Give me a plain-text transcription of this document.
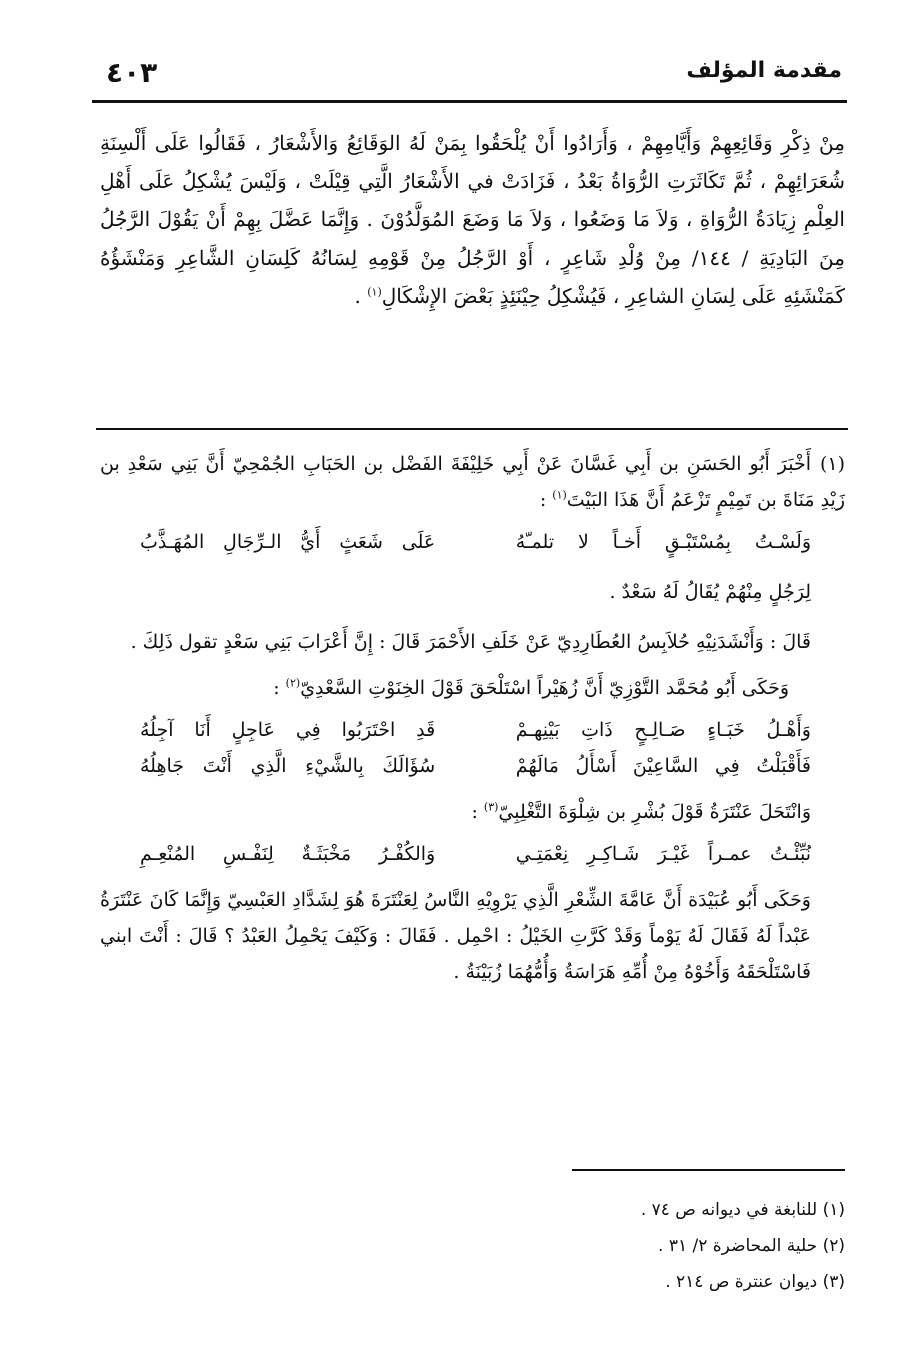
٤٠٣	مقدمة المؤلف

مِنْ ذِكْرِ وَقَائِعِهِمْ وَأَيَّامِهِمْ ، وَأَرَادُوا أَنْ يُلْحَقُوا بِمَنْ لَهُ الوَقَائِعُ وَالأَشْعَارُ ، فَقَالُوا عَلَى أَلْسِنَةِ شُعَرَائِهِمْ ، ثُمَّ تَكَاثَرَتِ الرُّوَاةُ بَعْدُ ، فَزَادَتْ في الأَشْعَارُ الَّتِي قِيْلَتْ ، وَلَيْسَ يُشْكِلُ عَلَى أَهْلِ العِلْمِ زِيَادَةُ الرُّوَاةِ ، وَلاَ مَا وَضَعُوا ، وَلاَ مَا وَضَعَ المُوَلَّدُوْنَ . وَإِنَّمَا عَضَّلَ بِهِمْ أَنْ يَقُوْلَ الرَّجُلُ مِنَ البَادِيَةِ / ١٤٤/ مِنْ وُلْدِ شَاعِرٍ ، أَوْ الرَّجُلُ مِنْ قَوْمِهِ لِسَانُهُ كَلِسَانِ الشَّاعِرِ وَمَنْشَؤُهُ كَمَنْشَئِهِ عَلَى لِسَانِ الشاعِرِ ، فَيُشْكِلُ حِيْنَئِذٍ بَعْضَ الإِشْكَالِ$^{(١)}$ .

(١)أَخْبَرَ أَبُو الحَسَنِ بن أَبِي غَسَّانَ عَنْ أَبِي خَلِيْفَةَ الفَضْل بن الحَبَابِ الجُمْحِيّ أَنَّ بَنِي سَعْدِ بن زَيْدِ مَنَاةَ بن تَمِيْمٍ تَزْعَمُ أَنَّ هَذَا البَيْتَ$^{(١)}$ :

وَلَسْـتُ بِمُسْتَبْـقٍ أَخـاً لا تلمـّهُ
عَلَى شَعَثٍ أَيُّ الـرِّجَالِ المُهَـذَّبُ

لِرَجُلٍ مِنْهُمْ يُقَالُ لَهُ سَعْدٌ .

قَالَ : وَأَنْشَدَنِيْهِ حُلاَبِسُ العُطَارِدِيّ عَنْ خَلَفِ الأَحْمَرَ قَالَ : إِنَّ أَعْرَابَ بَنِي سَعْدٍ تقول ذَلِكَ .

وَحَكَى أَبُو مُحَمَّد التَّوْزِيّ أَنَّ زُهَيْراً اسْتَلْحَقَ قَوْلَ الخِنَوْتِ السَّعْدِيّ$^{(٢)}$ :

وَأَهْـلُ خَبَـاءٍ صَـالِـحٍ ذَاتِ بَيْنِهـمْ
قَدِ احْتَرَبُوا فِي عَاجِلٍ أَنَا آجِلُهُ
فَأَقْبَلْتُ فِي السَّاعِيْنَ أَسْأَلُ مَالَهُمْ
سُؤَالَكَ بِالشَّيْءِ الَّذِي أَنْتَ جَاهِلُهُ

وَانْتَحَلَ عَنْتَرَةُ قَوْلَ بُشْرِ بن شِلْوَةَ التَّغْلِبِيّ$^{(٣)}$ :

نُبِّئْـتُ عمـراً غَيْـرَ شَـاكِـرِ نِعْمَتِـي
وَالكُفْـرُ مَخْبَثَـةٌ لِنَفْـسِ المُنْعِـمِ

وَحَكَى أَبُو عُبَيْدَة أَنَّ عَامَّةَ الشِّعْرِ الَّذِي يَرْوِيْهِ النَّاسُ لِعَنْتَرَةَ هُوَ لِشَدَّادِ العَبْسِيّ وَإِنَّمَا كَانَ عَنْتَرَةُ عَبْداً لَهُ فَقَالَ لَهُ يَوْماً وَقَدْ كَرَّتِ الخَيْلُ : احْمِل . فَقَالَ : وَكَيْفَ يَحْمِلُ العَبْدُ ؟ قَالَ : أَنْتَ ابني فَاسْتَلْحَقَهُ وَأَخُوْهُ مِنْ أُمِّهِ هَرَاسَةُ وَأُمُّهُمَا زُبَيْنَةُ .

(١) للنابغة في ديوانه ص ٧٤ .
(٢) حلية المحاضرة ٢/ ٣١ .
(٣) ديوان عنترة ص ٢١٤ .
